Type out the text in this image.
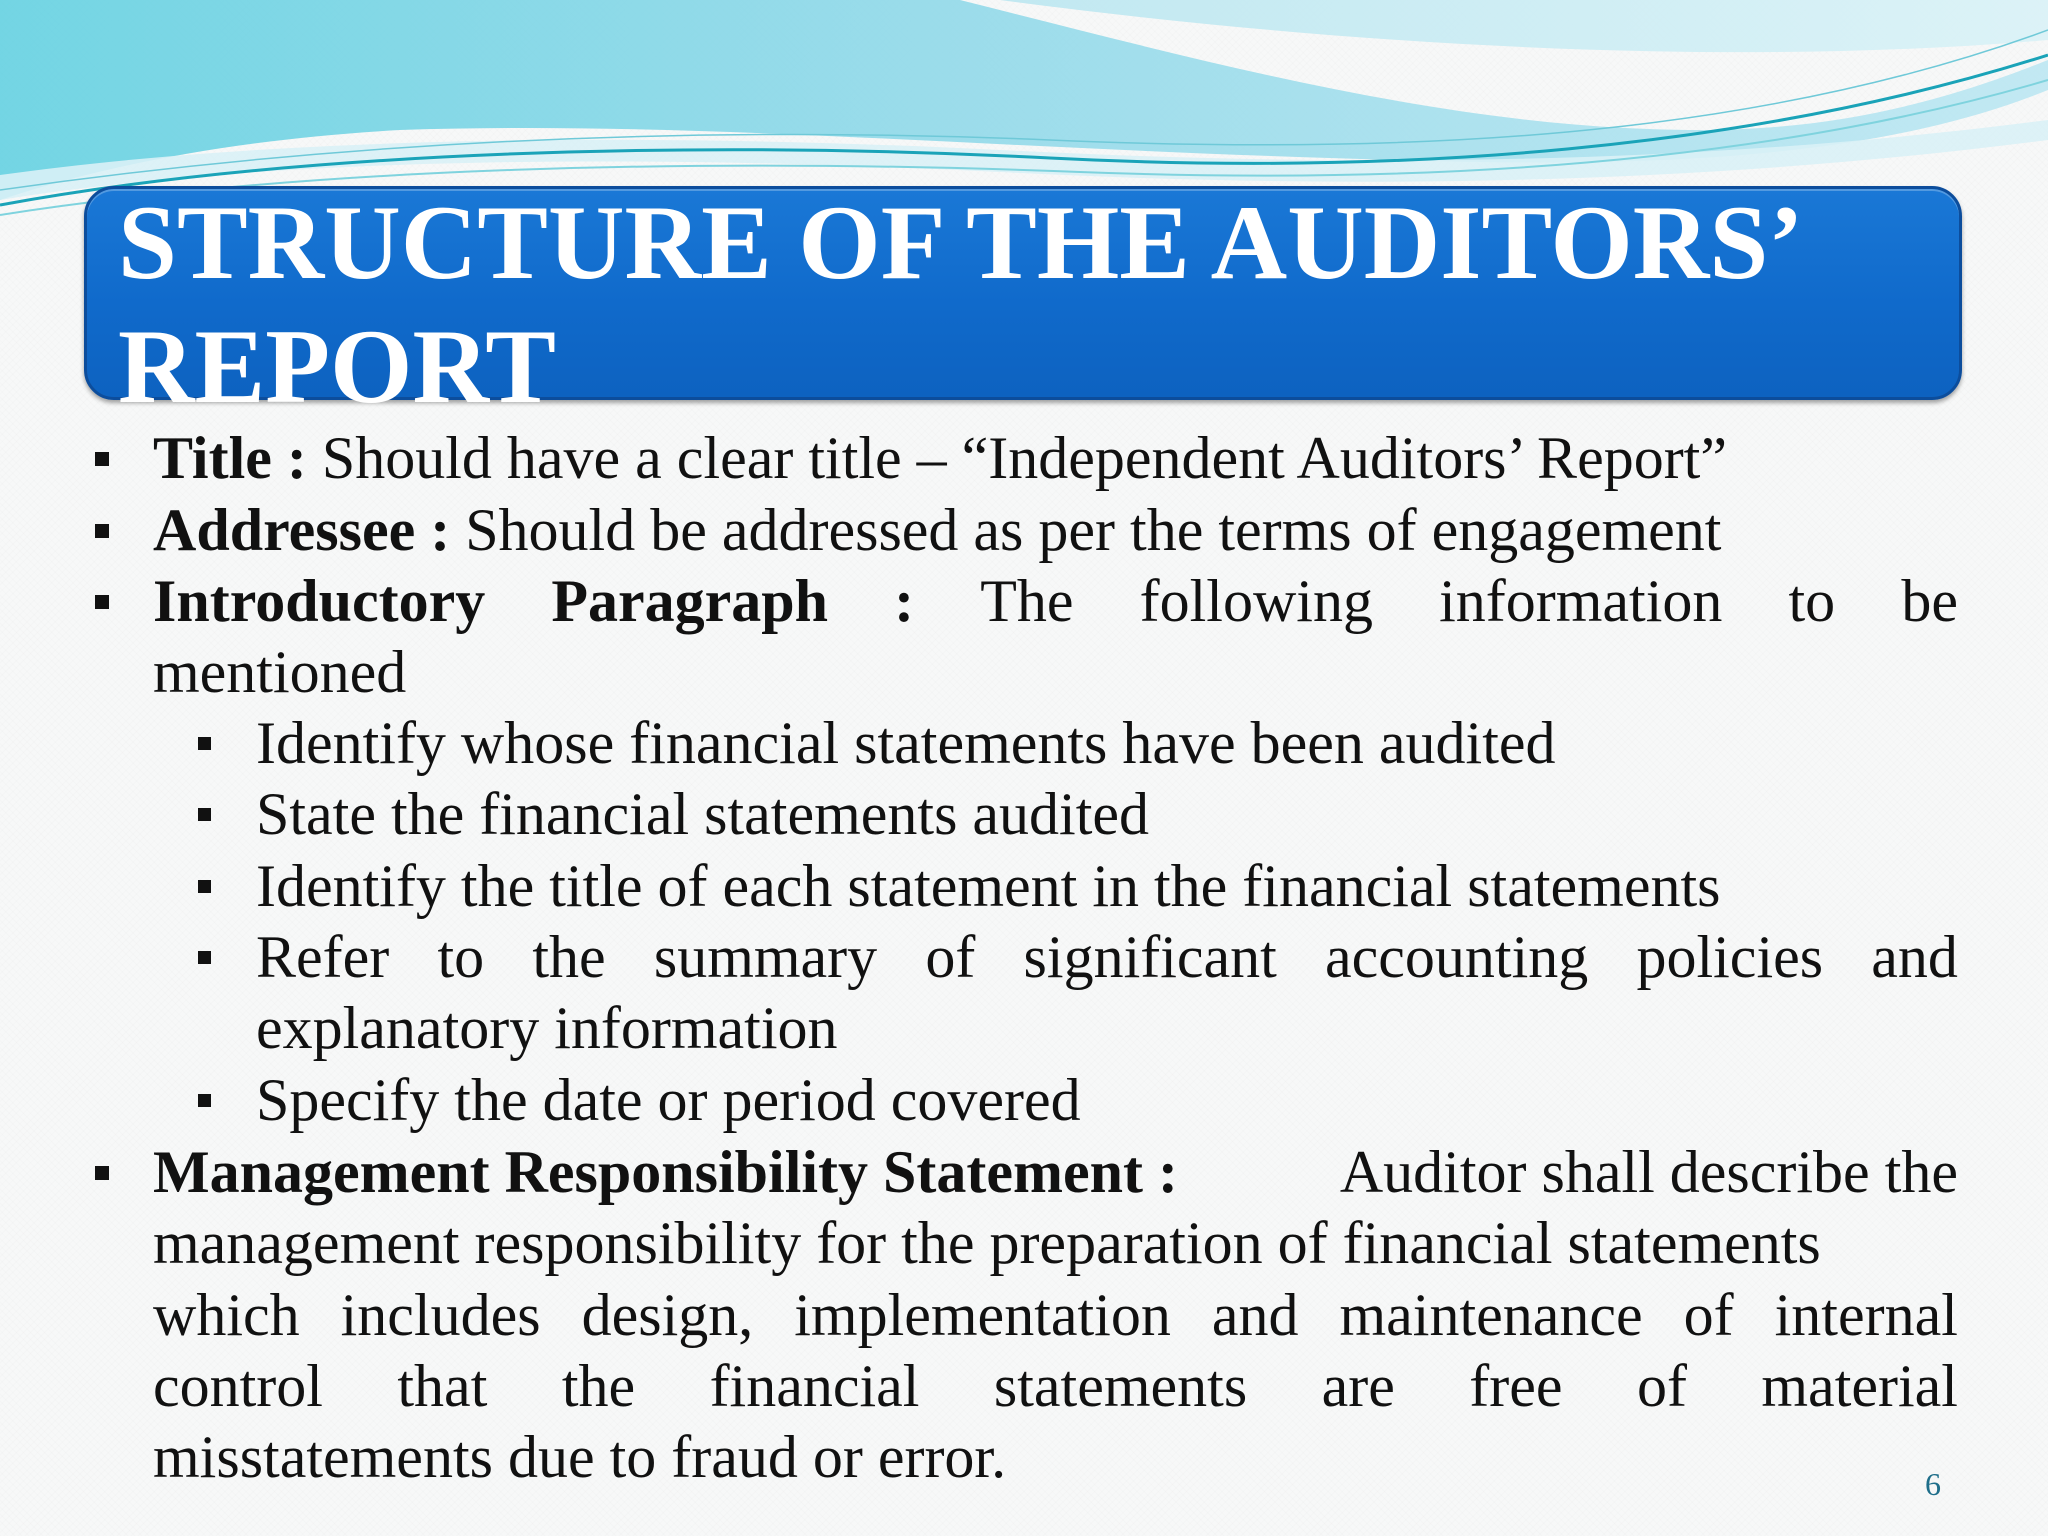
STRUCTURE OF THE AUDITORS’
REPORT
Title : Should have a clear title – “Independent Auditors’ Report”
Addressee : Should be addressed as per the terms of engagement
Introductory Paragraph : The following information to be
mentioned
Identify whose financial statements have been audited
State the financial statements audited
Identify the title of each statement in the financial statements
Refer to the summary of significant accounting policies and
explanatory information
Specify the date or period covered
Management Responsibility Statement :	Auditor shall describe the
management responsibility for the preparation of financial statements
which includes design, implementation and maintenance of internal
control that the financial statements are free of material
misstatements due to fraud or error.	6
